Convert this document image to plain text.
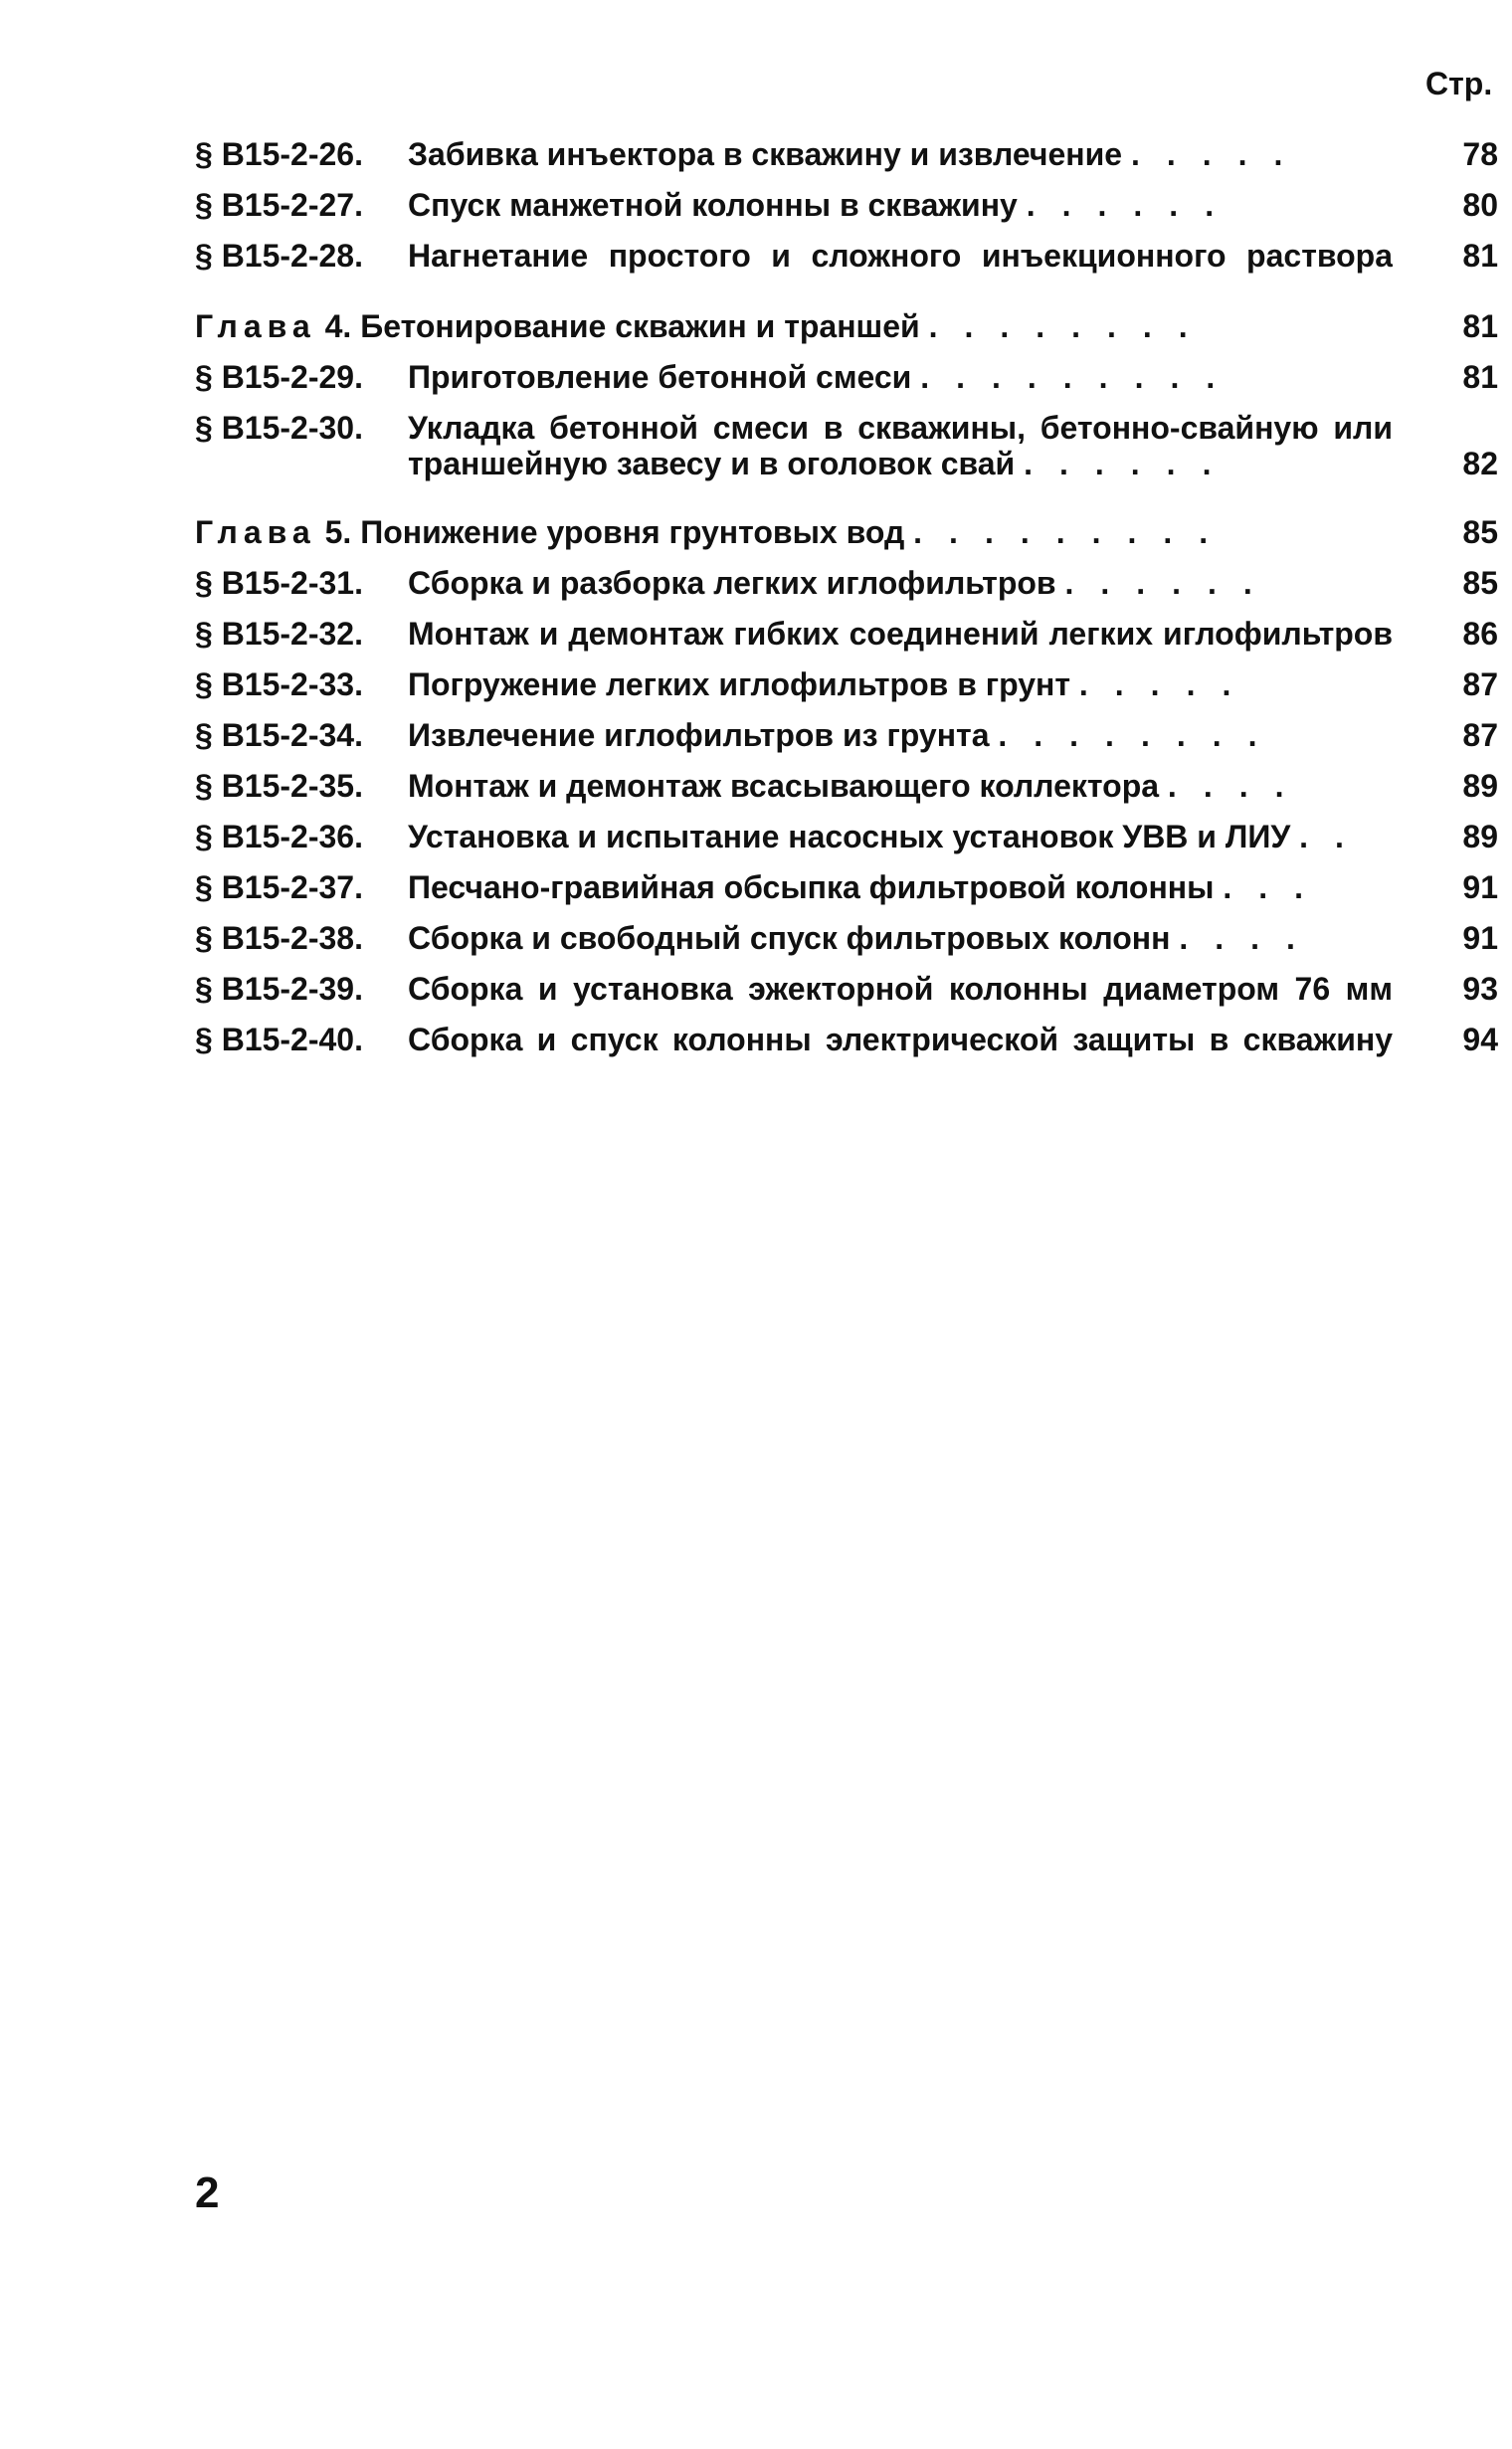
Стр.
§ В15-2-26.	Забивка инъектора в скважину и извлечение .....	78
§ В15-2-27.	Спуск манжетной колонны в скважину ......	80
§ В15-2-28.	Нагнетание простого и сложного инъекционного раствора	81
Глава 4. Бетонирование скважин и траншей ........	81
§ В15-2-29.	Приготовление бетонной смеси .........	81
§ В15-2-30.	Укладка бетонной смеси в скважины, бетонно-свайную или
траншейную завесу и в оголовок свай ......	82
Глава 5. Понижение уровня грунтовых вод .........	85
§ В15-2-31.	Сборка и разборка легких иглофильтров ......	85
§ В15-2-32.	Монтаж и демонтаж гибких соединений легких иглофильтров	86
§ В15-2-33.	Погружение легких иглофильтров в грунт .....	87
§ В15-2-34.	Извлечение иглофильтров из грунта ........	87
§ В15-2-35.	Монтаж и демонтаж всасывающего коллектора ....	89
§ В15-2-36.	Установка и испытание насосных установок УВВ и ЛИУ ..	89
§ В15-2-37.	Песчано-гравийная обсыпка фильтровой колонны ...	91
§ В15-2-38.	Сборка и свободный спуск фильтровых колонн ....	91
§ В15-2-39.	Сборка и установка эжекторной колонны диаметром 76 мм	93
§ В15-2-40.	Сборка и спуск колонны электрической защиты в скважину	94
2
